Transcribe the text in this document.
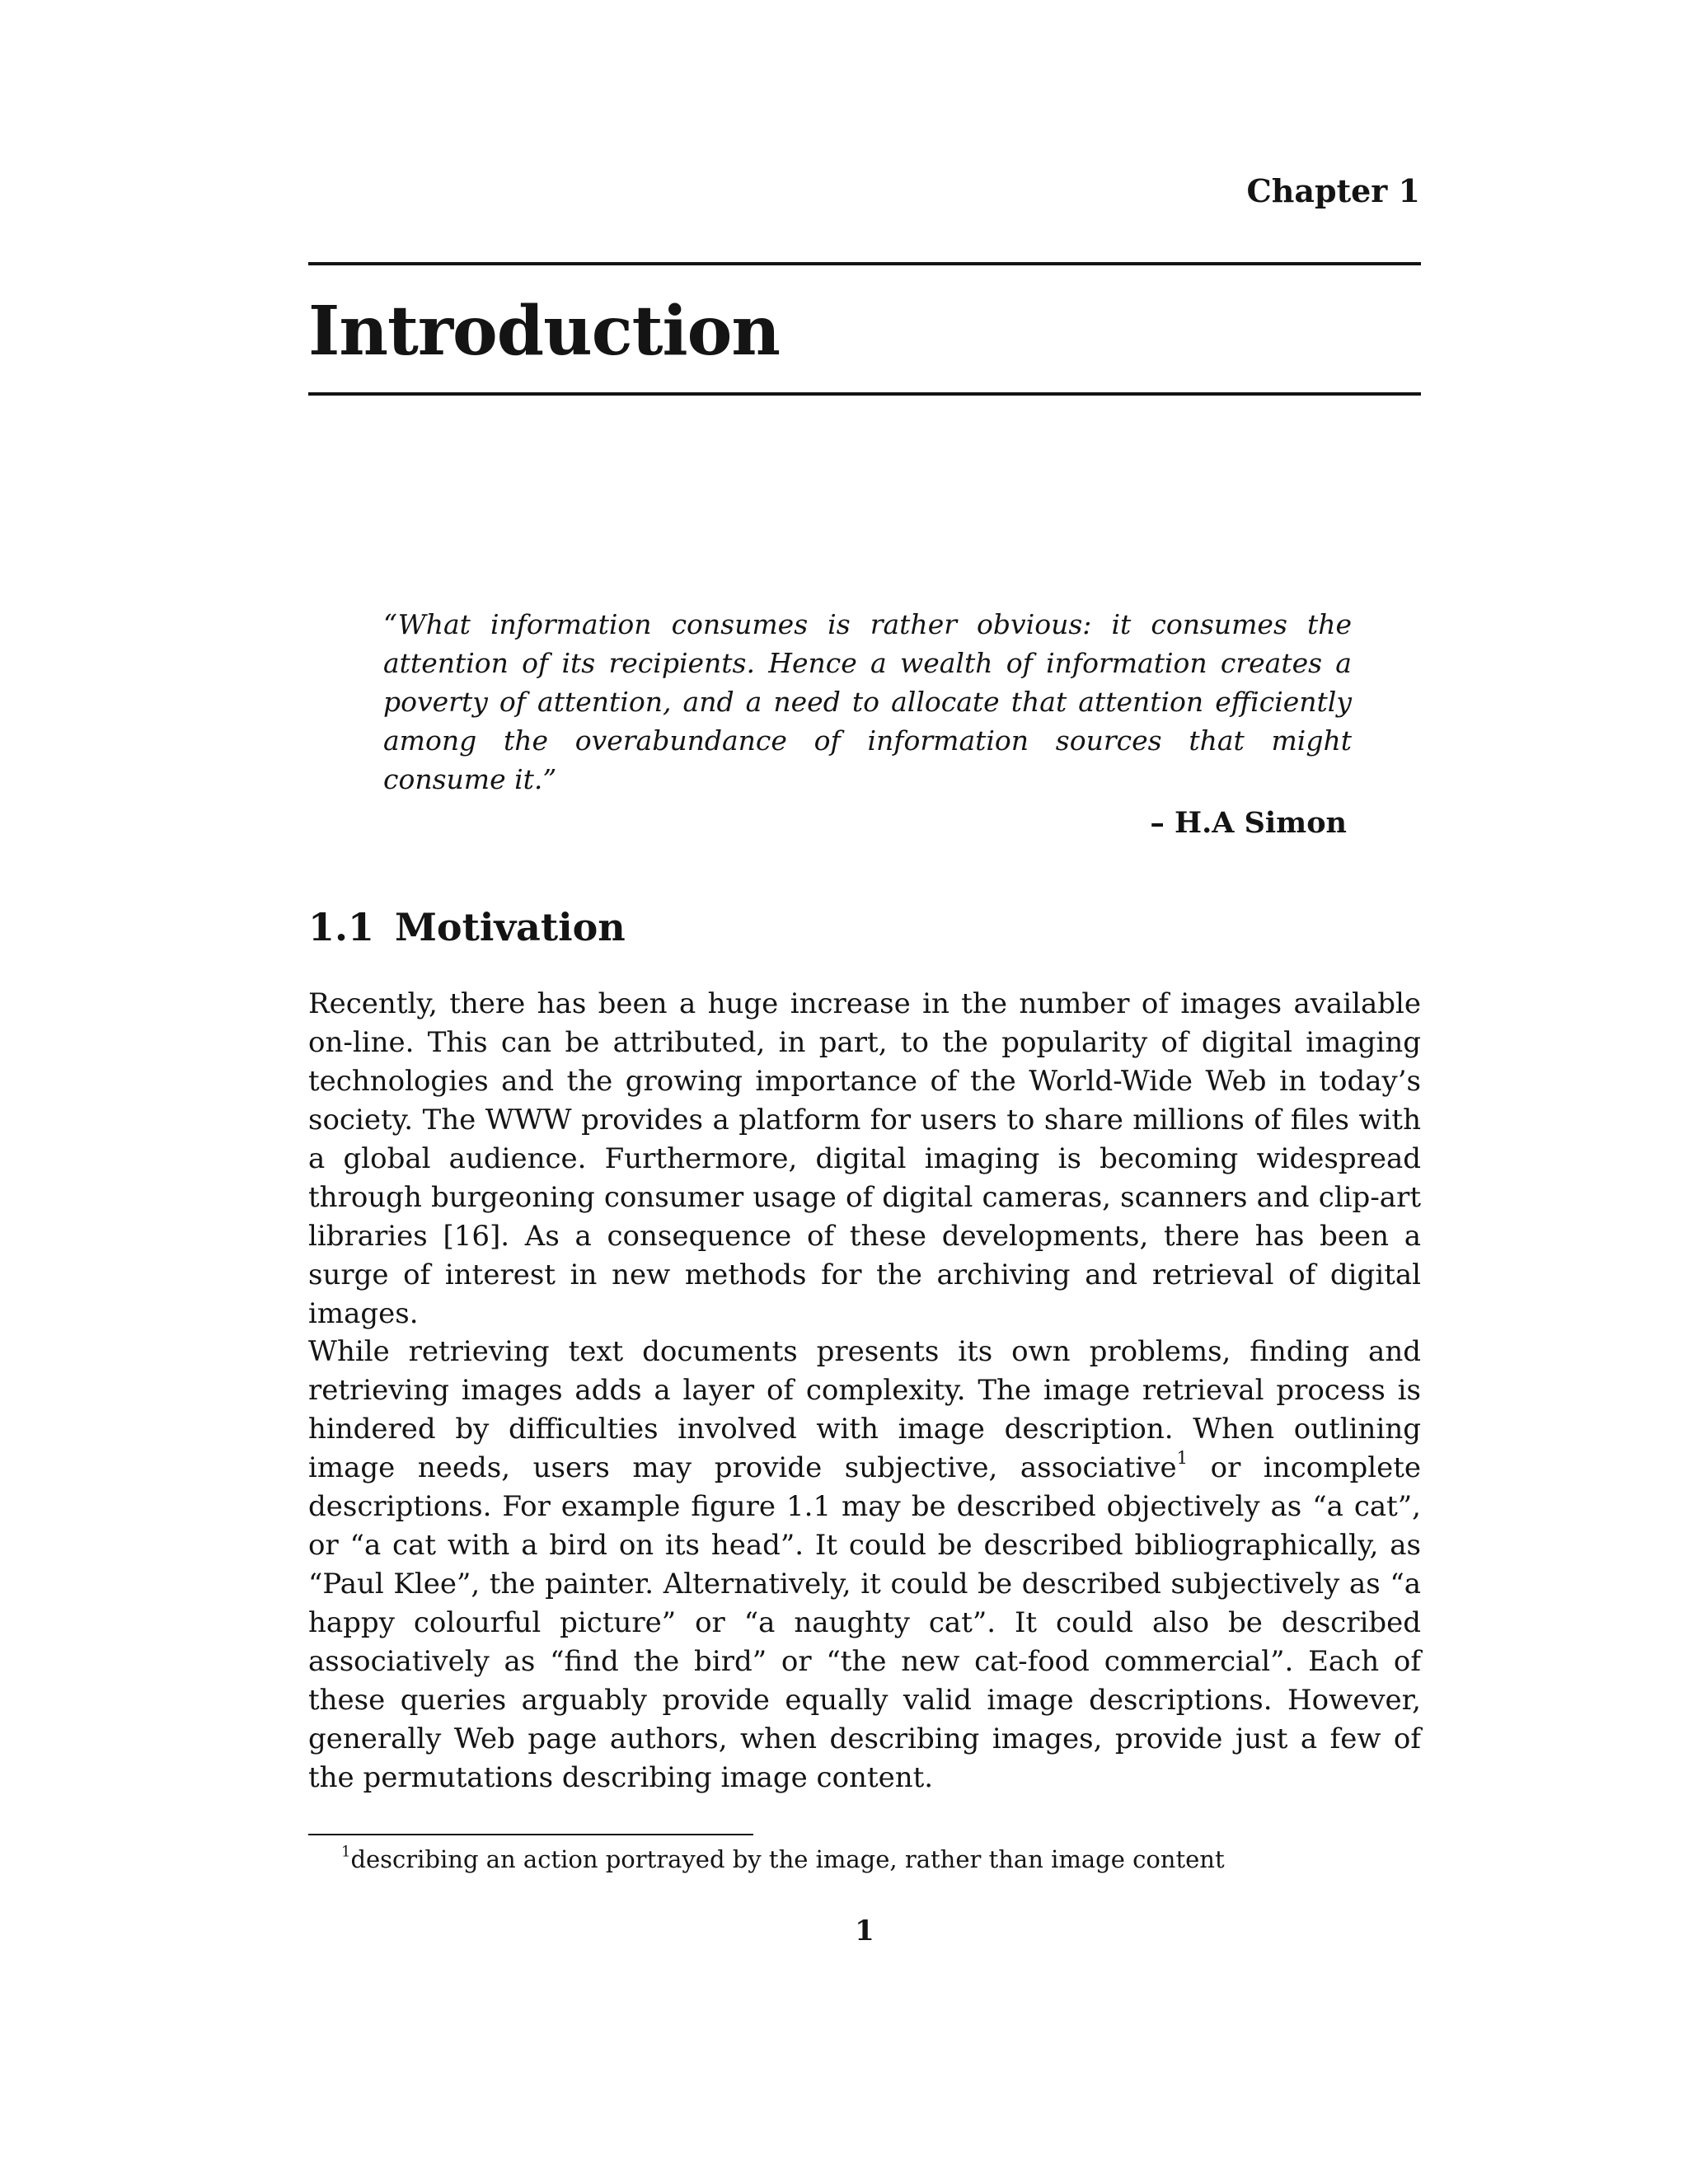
Chapter 1

Introduction

“What information consumes is rather obvious: it consumes the attention of its recipients. Hence a wealth of information creates a poverty of attention, and a need to allocate that attention efficiently among the overabundance of information sources that might consume it.”

– H.A Simon

1.1 Motivation

Recently, there has been a huge increase in the number of images available on-line. This can be attributed, in part, to the popularity of digital imaging technologies and the growing importance of the World-Wide Web in today’s society. The WWW provides a platform for users to share millions of files with a global audience. Furthermore, digital imaging is becoming widespread through burgeoning consumer usage of digital cameras, scanners and clip-art libraries [16]. As a consequence of these developments, there has been a surge of interest in new methods for the archiving and retrieval of digital images.

While retrieving text documents presents its own problems, finding and retrieving images adds a layer of complexity. The image retrieval process is hindered by difficulties involved with image description. When outlining image needs, users may provide subjective, associative$^1$ or incomplete descriptions. For example figure 1.1 may be described objectively as “a cat”, or “a cat with a bird on its head”. It could be described bibliographically, as “Paul Klee”, the painter. Alternatively, it could be described subjectively as “a happy colourful picture” or “a naughty cat”. It could also be described associatively as “find the bird” or “the new cat-food commercial”. Each of these queries arguably provide equally valid image descriptions. However, generally Web page authors, when describing images, provide just a few of the permutations describing image content.

$^1$describing an action portrayed by the image, rather than image content

1
